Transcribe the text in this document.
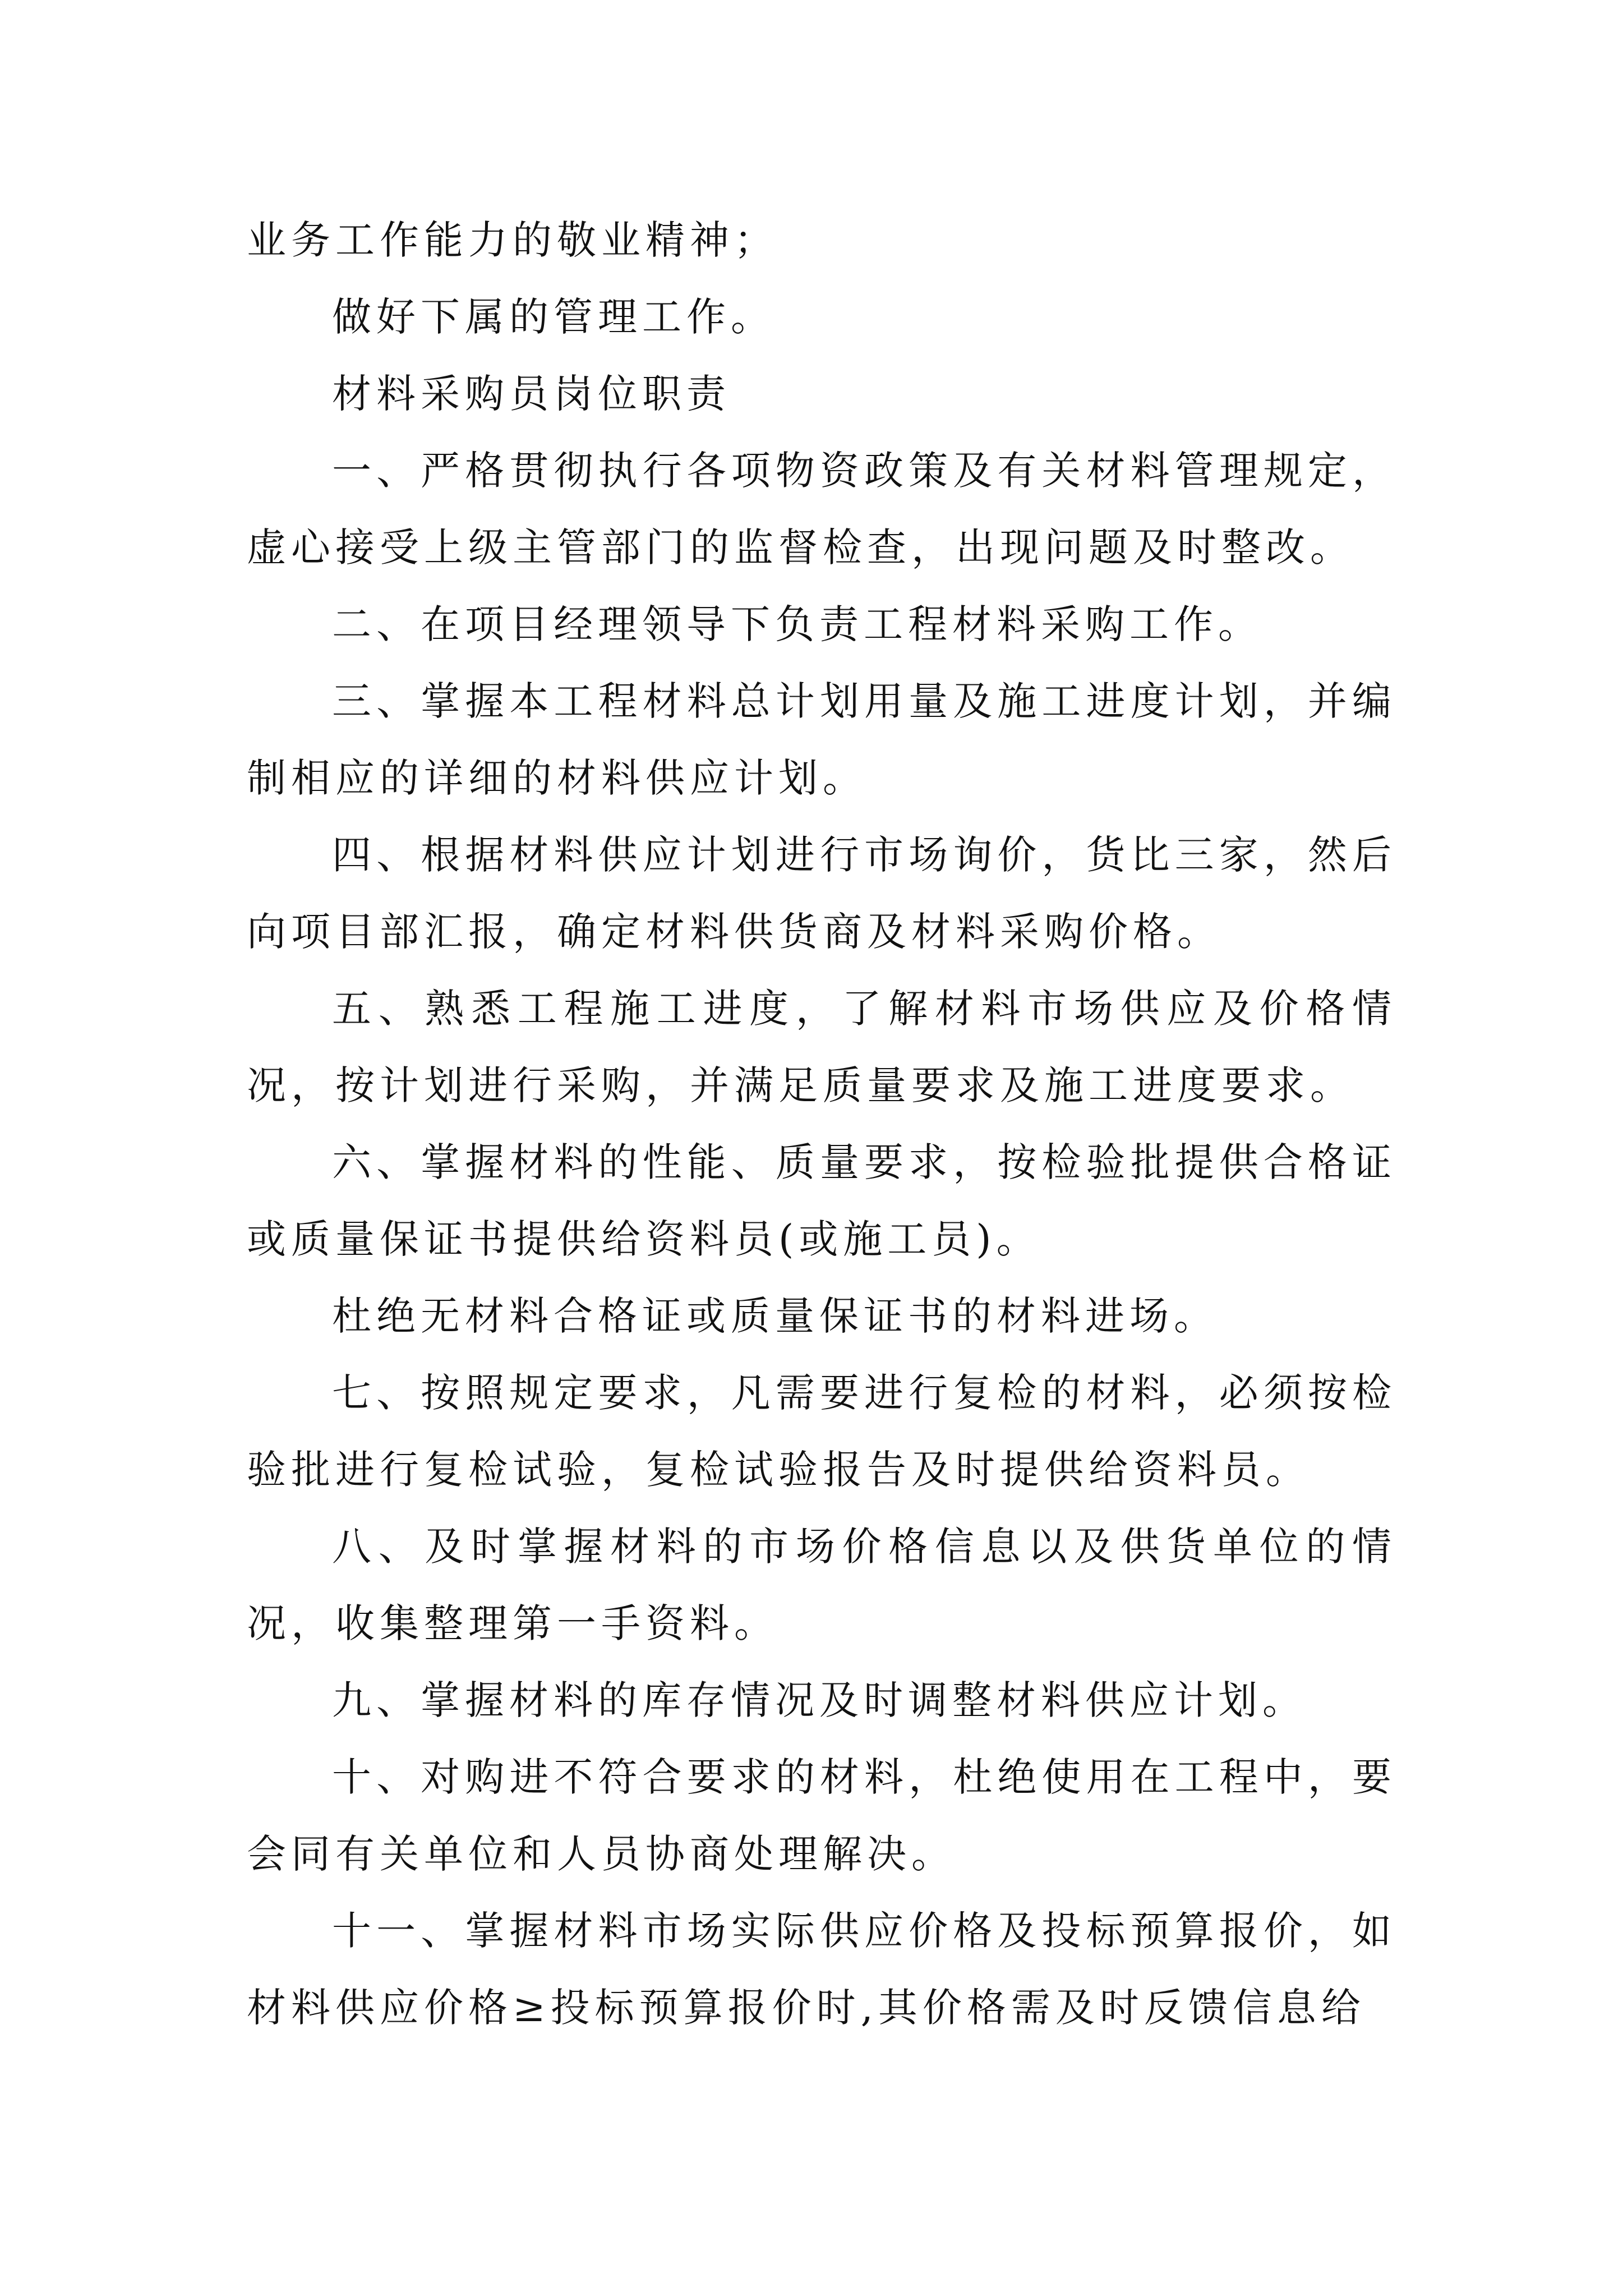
业务工作能力的敬业精神；

做好下属的管理工作。

材料采购员岗位职责

一、严格贯彻执行各项物资政策及有关材料管理规定，虚心接受上级主管部门的监督检查，出现问题及时整改。

二、在项目经理领导下负责工程材料采购工作。

三、掌握本工程材料总计划用量及施工进度计划，并编制相应的详细的材料供应计划。

四、根据材料供应计划进行市场询价，货比三家，然后向项目部汇报，确定材料供货商及材料采购价格。

五、熟悉工程施工进度，了解材料市场供应及价格情况，按计划进行采购，并满足质量要求及施工进度要求。

六、掌握材料的性能、质量要求，按检验批提供合格证或质量保证书提供给资料员(或施工员)。

杜绝无材料合格证或质量保证书的材料进场。

七、按照规定要求，凡需要进行复检的材料，必须按检验批进行复检试验，复检试验报告及时提供给资料员。

八、及时掌握材料的市场价格信息以及供货单位的情况，收集整理第一手资料。

九、掌握材料的库存情况及时调整材料供应计划。

十、对购进不符合要求的材料，杜绝使用在工程中，要会同有关单位和人员协商处理解决。

十一、掌握材料市场实际供应价格及投标预算报价，如材料供应价格≥投标预算报价时,其价格需及时反馈信息给
